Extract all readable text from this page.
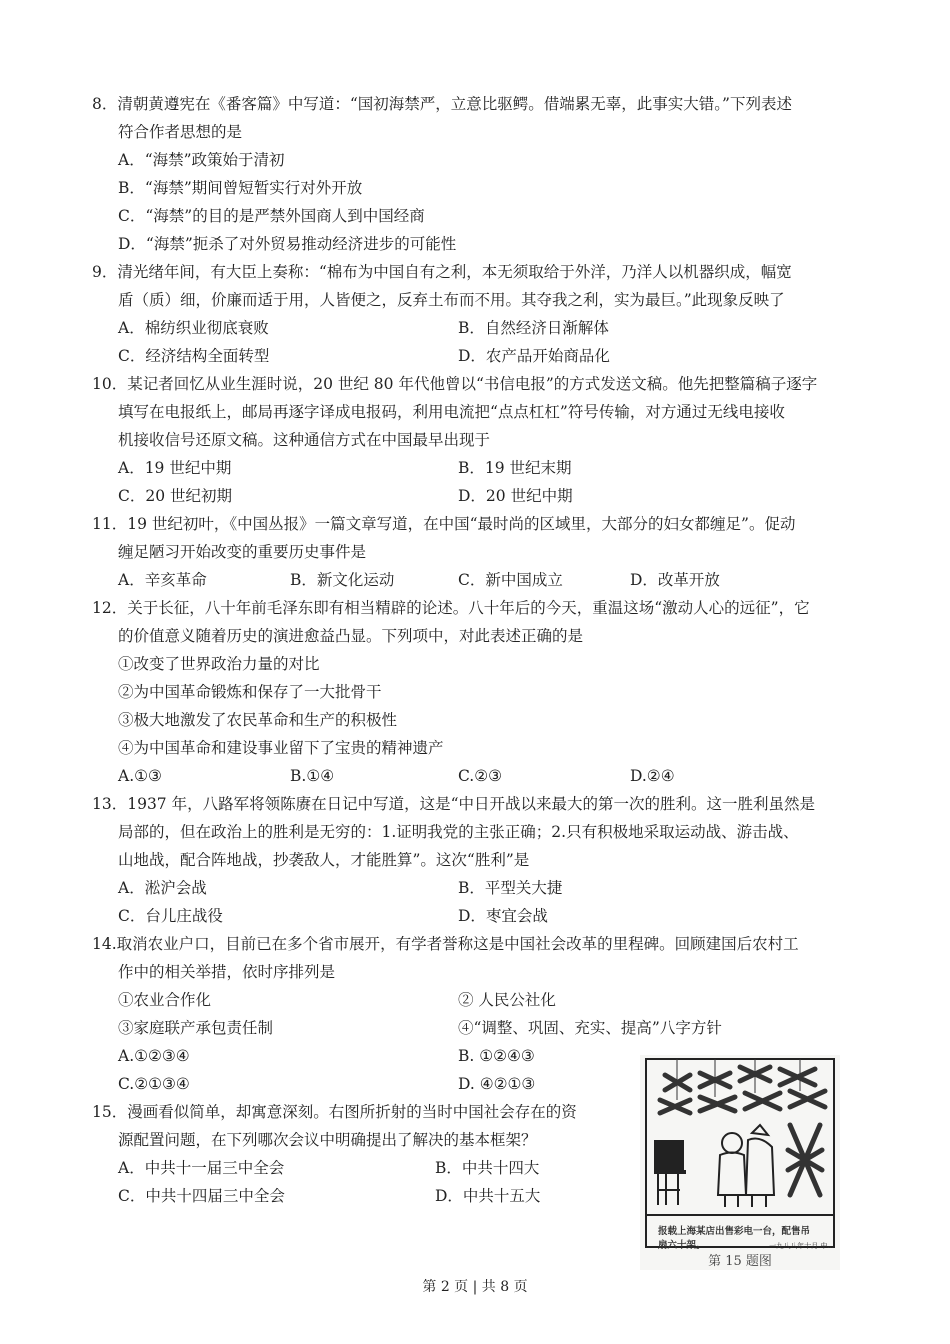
8．清朝黄遵宪在《番客篇》中写道：“国初海禁严，立意比驱鳄。借端累无辜，此事实大错。”下列表述
符合作者思想的是
A．“海禁”政策始于清初
B．“海禁”期间曾短暂实行对外开放
C．“海禁”的目的是严禁外国商人到中国经商
D．“海禁”扼杀了对外贸易推动经济进步的可能性
9．清光绪年间，有大臣上奏称：“棉布为中国自有之利，本无须取给于外洋，乃洋人以机器织成，幅宽
盾（质）细，价廉而适于用，人皆便之，反弃土布而不用。其夺我之利，实为最巨。”此现象反映了
A．棉纺织业彻底衰败	B．自然经济日渐解体
C．经济结构全面转型	D．农产品开始商品化
10．某记者回忆从业生涯时说，20 世纪 80 年代他曾以“书信电报”的方式发送文稿。他先把整篇稿子逐字
填写在电报纸上，邮局再逐字译成电报码，利用电流把“点点杠杠”符号传输，对方通过无线电接收
机接收信号还原文稿。这种通信方式在中国最早出现于
A．19 世纪中期	B．19 世纪末期
C．20 世纪初期	D．20 世纪中期
11．19 世纪初叶，《中国丛报》一篇文章写道，在中国“最时尚的区域里，大部分的妇女都缠足”。促动
缠足陋习开始改变的重要历史事件是
A．辛亥革命	B．新文化运动	C．新中国成立	D．改革开放
12．关于长征，八十年前毛泽东即有相当精辟的论述。八十年后的今天，重温这场“激动人心的远征”，它
的价值意义随着历史的演进愈益凸显。下列项中，对此表述正确的是
①改变了世界政治力量的对比
②为中国革命锻炼和保存了一大批骨干
③极大地激发了农民革命和生产的积极性
④为中国革命和建设事业留下了宝贵的精神遗产
A.①③	B.①④	C.②③	D.②④
13．1937 年，八路军将领陈赓在日记中写道，这是“中日开战以来最大的第一次的胜利。这一胜利虽然是
局部的，但在政治上的胜利是无穷的：1.证明我党的主张正确；2.只有积极地采取运动战、游击战、
山地战，配合阵地战，抄袭敌人，才能胜算”。这次“胜利”是
A．淞沪会战	B．平型关大捷
C．台儿庄战役	D．枣宜会战
14.取消农业户口，目前已在多个省市展开，有学者誉称这是中国社会改革的里程碑。回顾建国后农村工
作中的相关举措，依时序排列是
①农业合作化	② 人民公社化
③家庭联产承包责任制	④“调整、巩固、充实、提高”八字方针
A.①②③④	B. ①②④③
C.②①③④	D. ④②①③
15．漫画看似简单，却寓意深刻。右图所折射的当时中国社会存在的资
源配置问题，在下列哪次会议中明确提出了解决的基本框架？
A．中共十一届三中全会	B．中共十四大
C．中共十四届三中全会	D．中共十五大
报载上海某店出售彩电一台，配售吊
扇六十架。	一九八八年十月 中...
第 15 题图
第 2 页 | 共 8 页
